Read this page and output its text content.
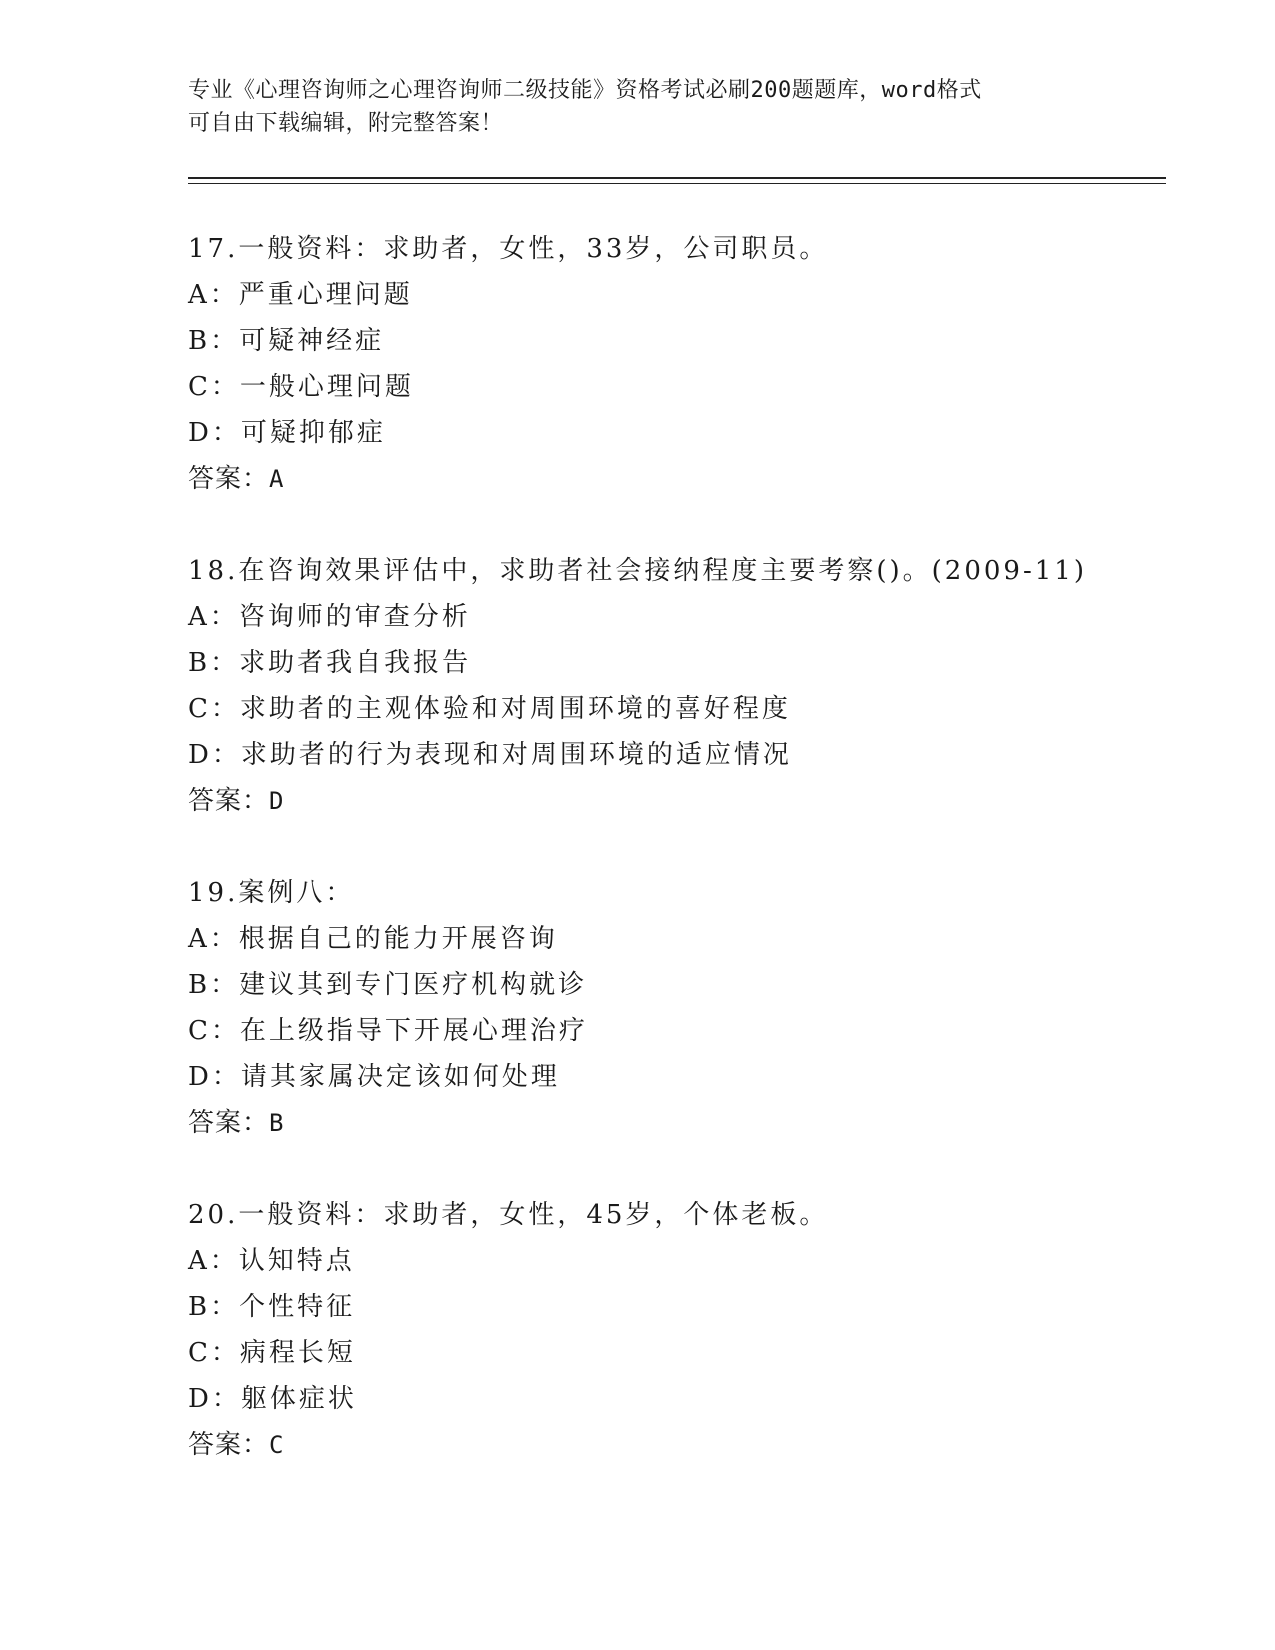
专业《心理咨询师之心理咨询师二级技能》资格考试必刷200题题库，word格式
可自由下载编辑，附完整答案！
17.一般资料：求助者，女性，33岁，公司职员。
A：严重心理问题
B：可疑神经症
C：一般心理问题
D：可疑抑郁症
答案：A
18.在咨询效果评估中，求助者社会接纳程度主要考察()。(2009-11)
A：咨询师的审查分析
B：求助者我自我报告
C：求助者的主观体验和对周围环境的喜好程度
D：求助者的行为表现和对周围环境的适应情况
答案：D
19.案例八：
A：根据自己的能力开展咨询
B：建议其到专门医疗机构就诊
C：在上级指导下开展心理治疗
D：请其家属决定该如何处理
答案：B
20.一般资料：求助者，女性，45岁，个体老板。
A：认知特点
B：个性特征
C：病程长短
D：躯体症状
答案：C
